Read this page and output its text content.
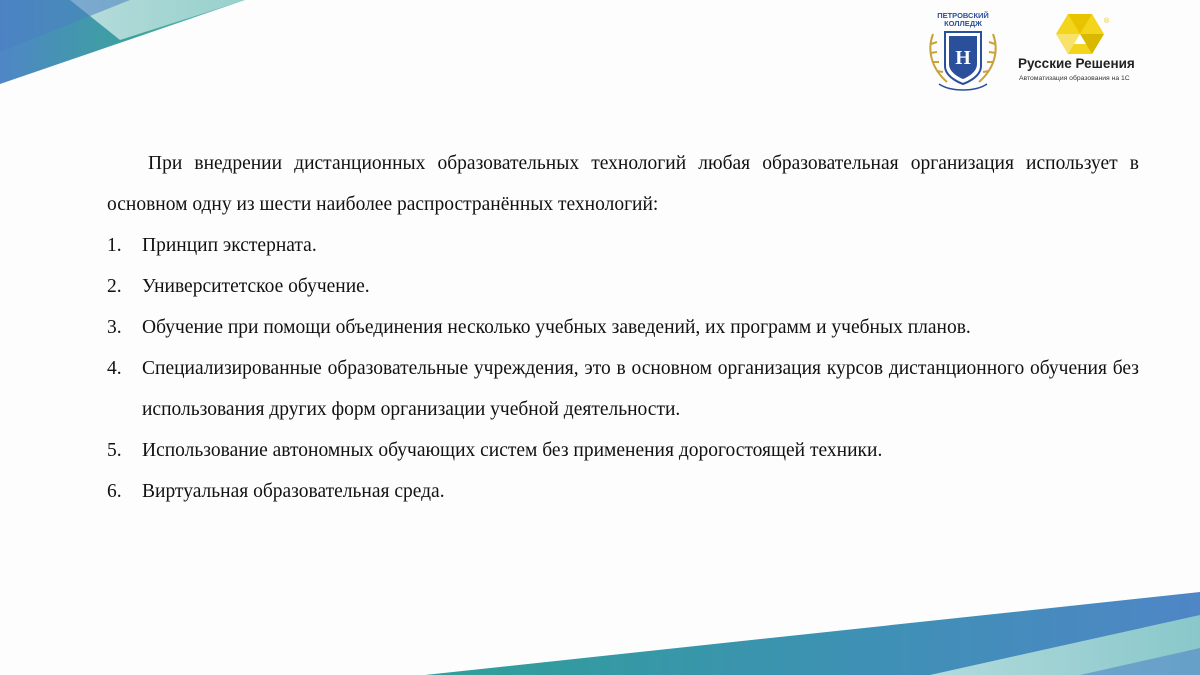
ПЕТРОВСКИЙ КОЛЛЕДЖ
Н
®
Русские Решения
Автоматизация образования на 1С

При внедрении дистанционных образовательных технологий любая образовательная организация использует в основном одну из шести наиболее распространённых технологий:

1. Принцип экстерната.
2. Университетское обучение.
3. Обучение при помощи объединения несколько учебных заведений, их программ и учебных планов.
4. Специализированные образовательные учреждения, это в основном организация курсов дистанционного обучения без использования других форм организации учебной деятельности.
5. Использование автономных обучающих систем без применения дорогостоящей техники.
6. Виртуальная образовательная среда.
